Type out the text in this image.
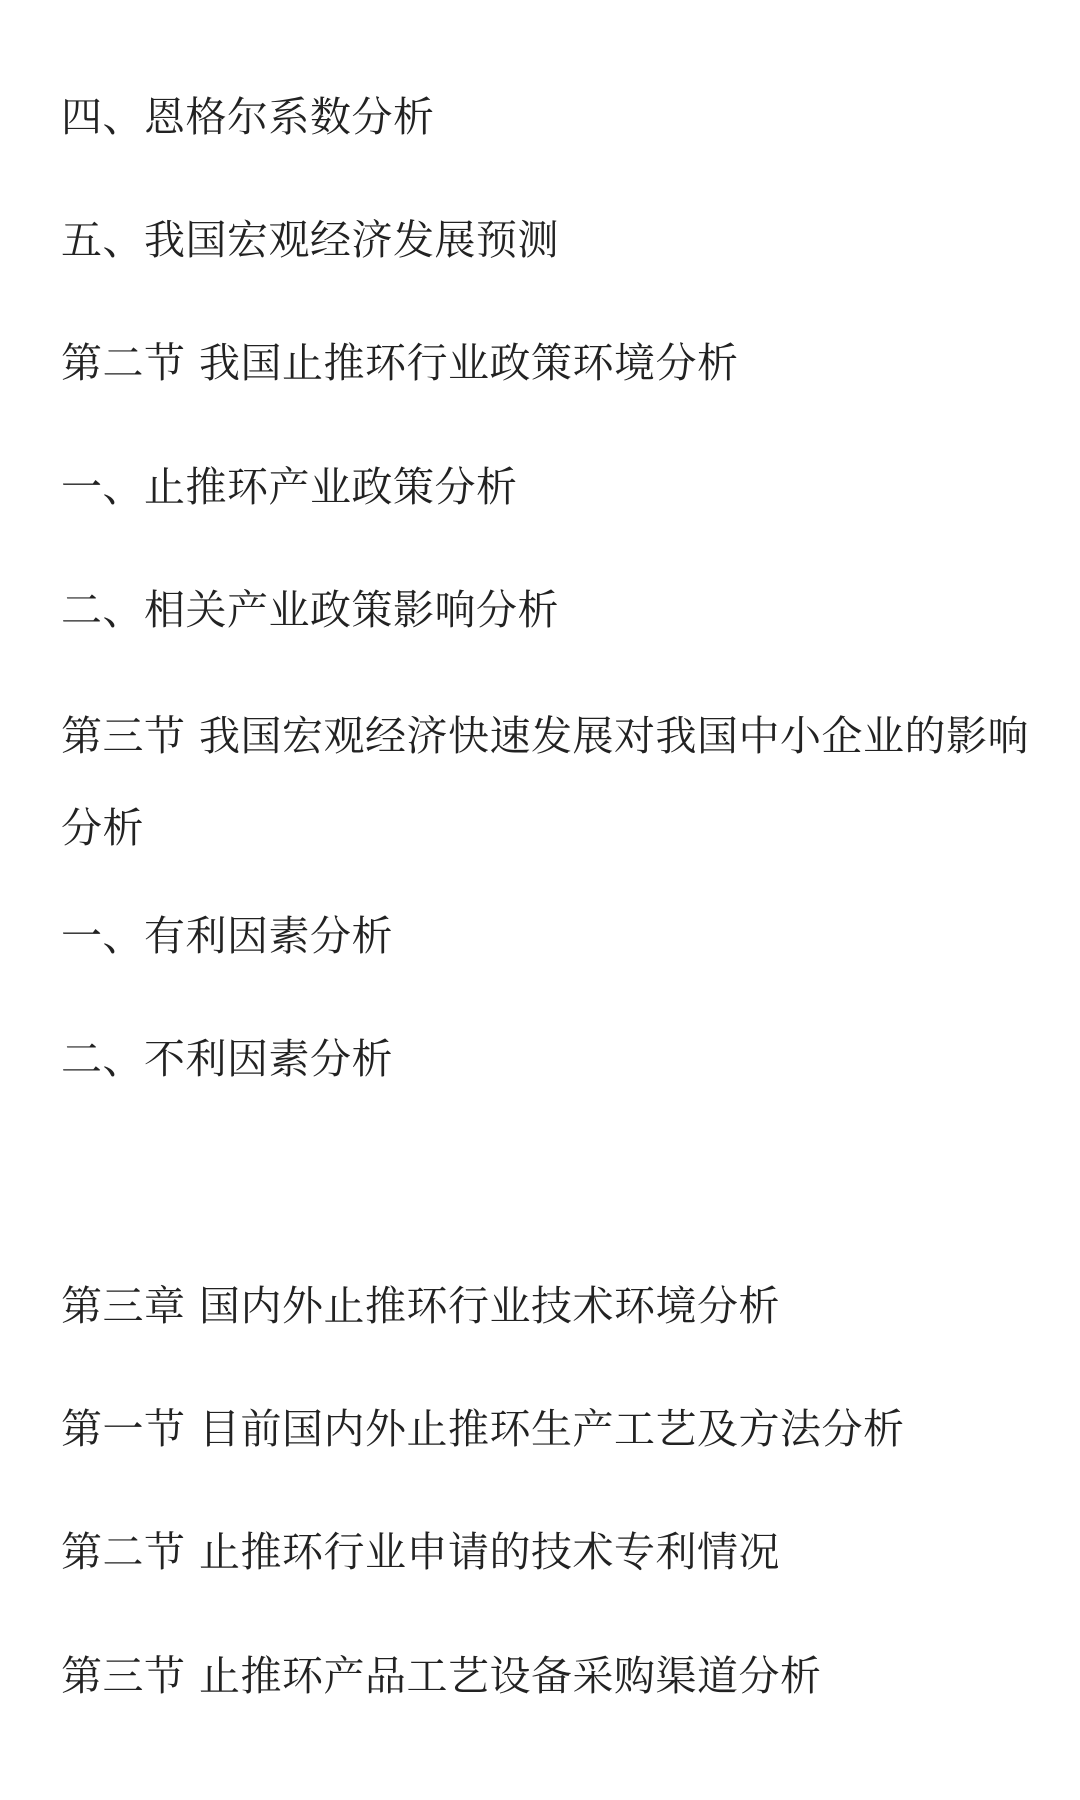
四、恩格尔系数分析
五、我国宏观经济发展预测
第二节 我国止推环行业政策环境分析
一、止推环产业政策分析
二、相关产业政策影响分析
第三节 我国宏观经济快速发展对我国中小企业的影响分析
一、有利因素分析
二、不利因素分析
第三章 国内外止推环行业技术环境分析
第一节 目前国内外止推环生产工艺及方法分析
第二节 止推环行业申请的技术专利情况
第三节 止推环产品工艺设备采购渠道分析
